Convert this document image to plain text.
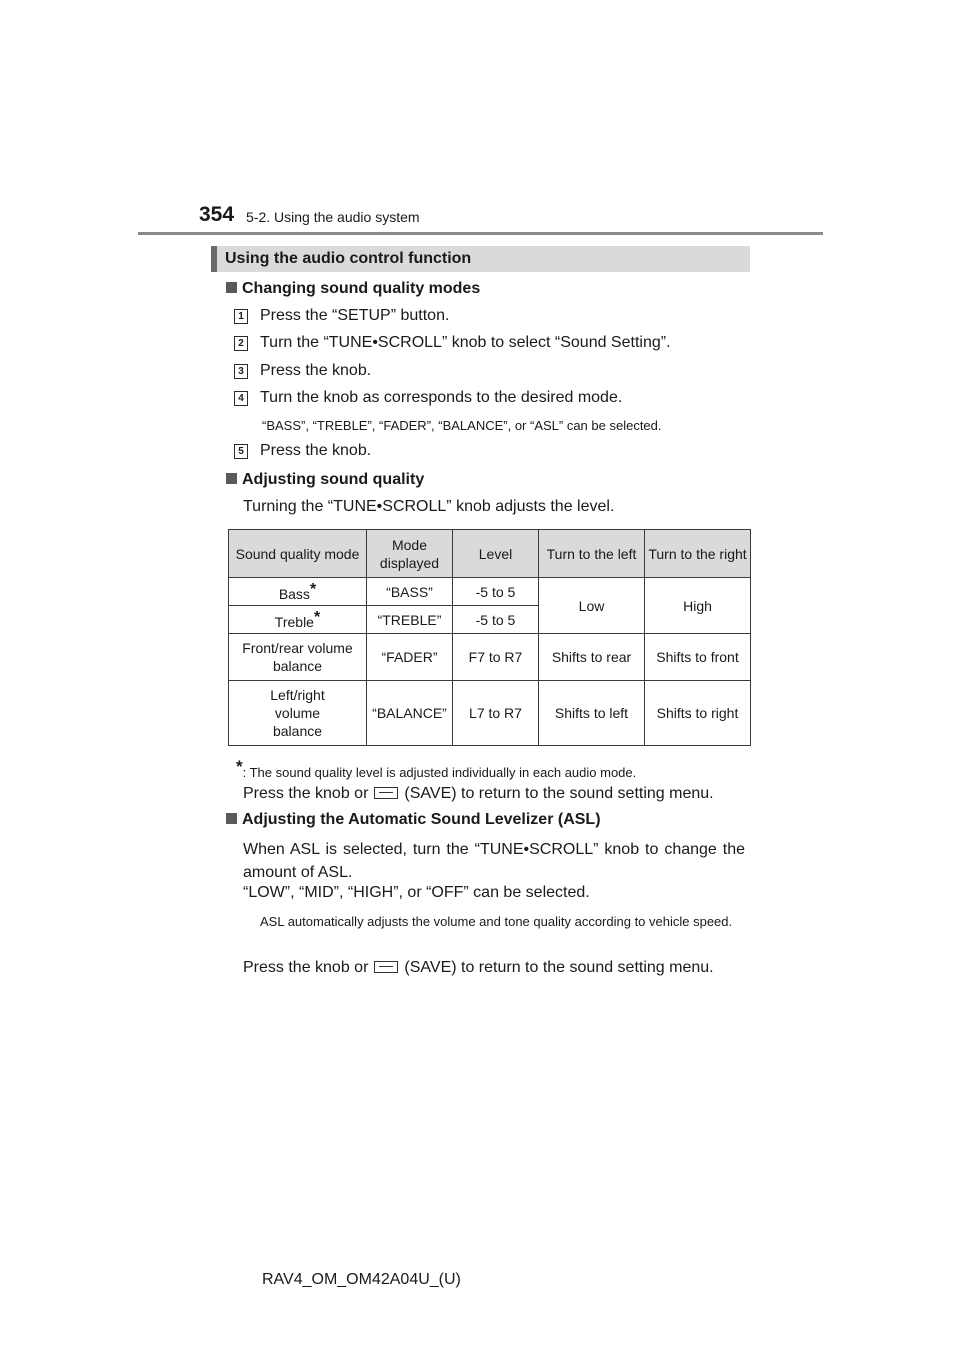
354 5-2. Using the audio system
Using the audio control function
Changing sound quality modes
1 Press the “SETUP” button.
2 Turn the “TUNE•SCROLL” knob to select “Sound Setting”.
3 Press the knob.
4 Turn the knob as corresponds to the desired mode.
“BASS”, “TREBLE”, “FADER”, “BALANCE”, or “ASL” can be selected.
5 Press the knob.
Adjusting sound quality
Turning the “TUNE•SCROLL” knob adjusts the level.
Sound quality mode	Mode displayed	Level	Turn to the left	Turn to the right
Bass*	“BASS”	-5 to 5	Low	High
Treble*	“TREBLE”	-5 to 5		
Front/rear volume balance	“FADER”	F7 to R7	Shifts to rear	Shifts to front
Left/right volume balance	“BALANCE”	L7 to R7	Shifts to left	Shifts to right
*: The sound quality level is adjusted individually in each audio mode.
Press the knob or (SAVE) to return to the sound setting menu.
Adjusting the Automatic Sound Levelizer (ASL)
When ASL is selected, turn the “TUNE•SCROLL” knob to change the amount of ASL.
“LOW”, “MID”, “HIGH”, or “OFF” can be selected.
ASL automatically adjusts the volume and tone quality according to vehicle speed.
Press the knob or (SAVE) to return to the sound setting menu.
RAV4_OM_OM42A04U_(U)
